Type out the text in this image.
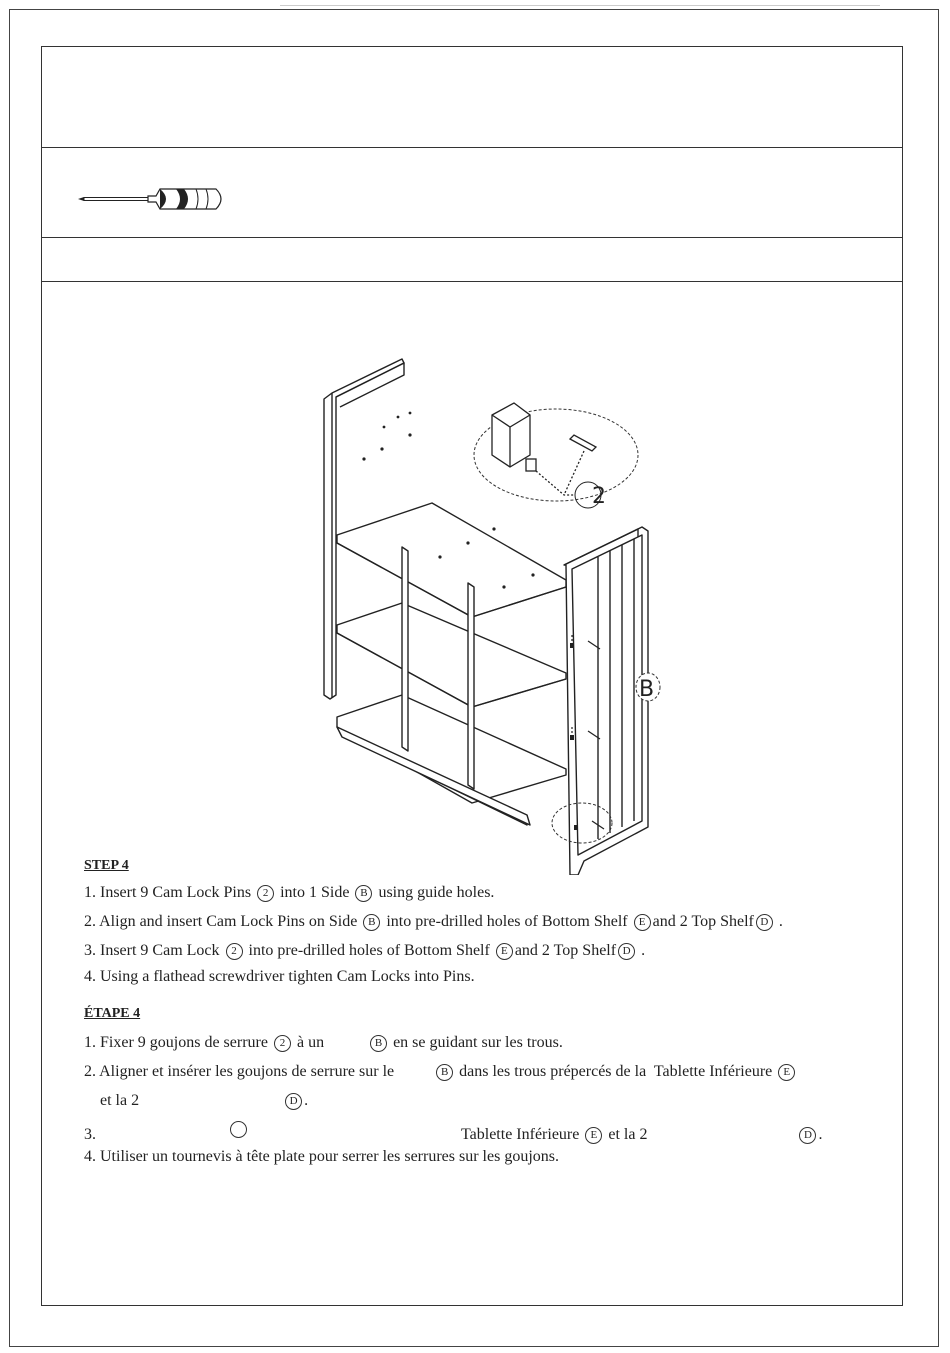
2
B
STEP 4
1. Insert 9 Cam Lock Pins 2 into 1 Side B using guide holes.
2. Align and insert Cam Lock Pins on Side B into pre-drilled holes of Bottom Shelf E and 2 Top Shelf D .
3. Insert 9 Cam Lock 2 into pre-drilled holes of Bottom Shelf E and 2 Top Shelf D .
4. Using a flathead screwdriver tighten Cam Locks into Pins.
ÉTAPE 4
1. Fixer 9 goujons de serrure 2 à un	B en se guidant sur les trous.
2. Aligner et insérer les goujons de serrure sur le	B dans les trous prépercés de la  Tablette Inférieure E
et la 2	D .
3.	Tablette Inférieure E et la 2	D .
4. Utiliser un tournevis à tête plate pour serrer les serrures sur les goujons.
